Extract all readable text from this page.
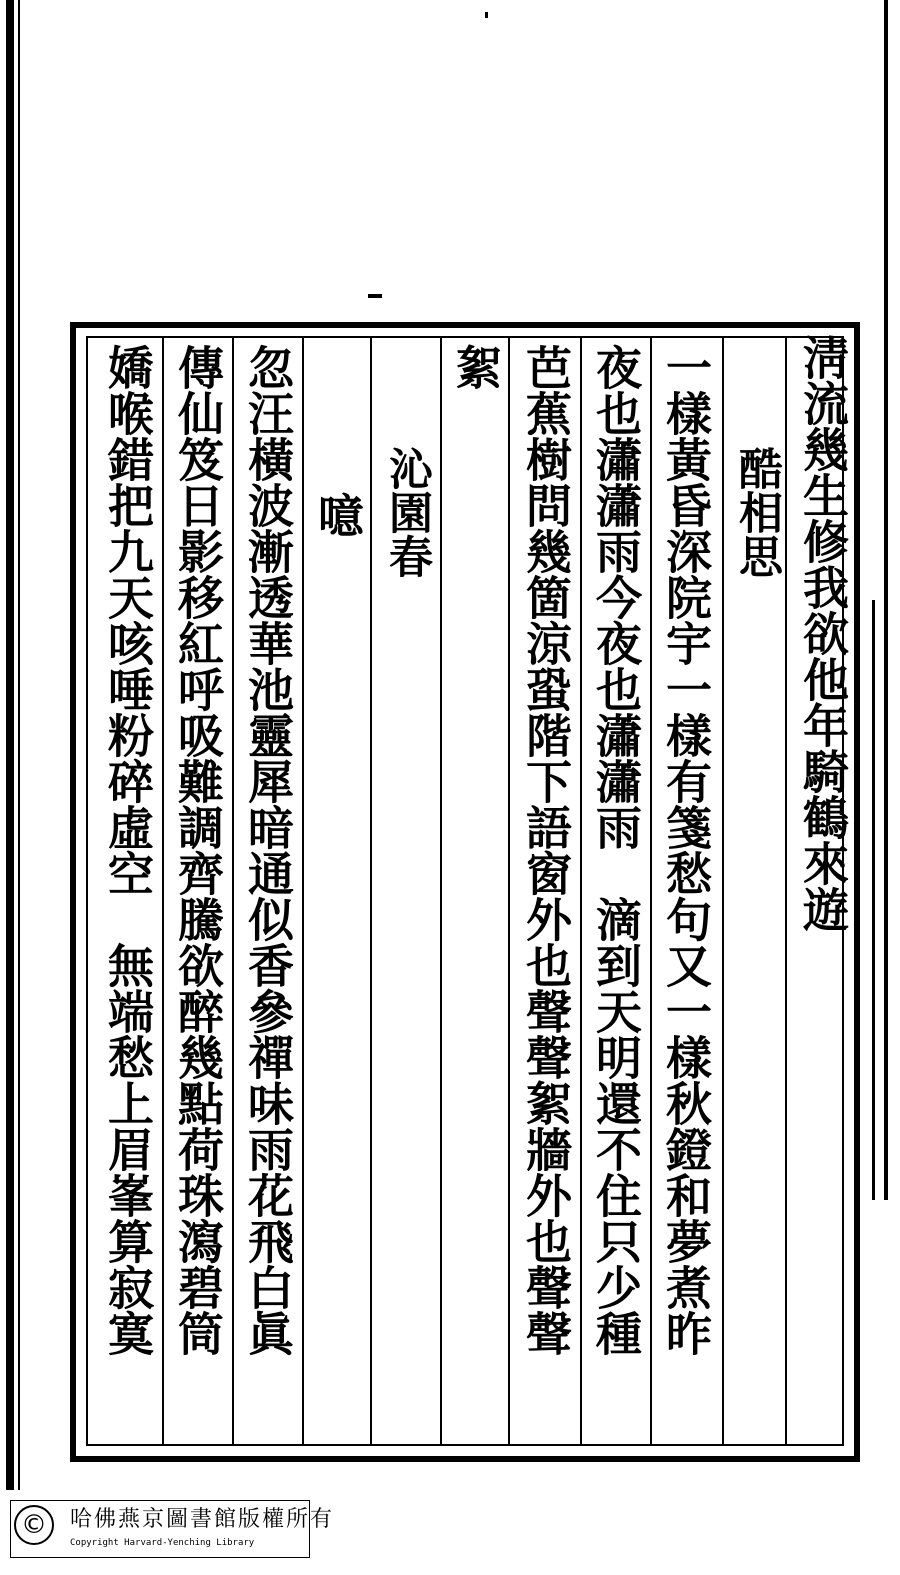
淸流幾生修我欲他年騎鶴來遊
酷相思
一樣黃昏深院宇一樣有箋愁句又一樣秋鐙和夢煮昨
夜也瀟瀟雨今夜也瀟瀟雨　滴到天明還不住只少種
芭蕉樹問幾箇涼蛩階下語窗外也聲聲絮牆外也聲聲
絮
沁園春
噫
忽汪橫波漸透華池靈犀暗通似香參禪味雨花飛白眞
傳仙笈日影移紅呼吸難調齊騰欲醉幾點荷珠瀉碧筒
嬌喉錯把九天咳唾粉碎虛空　無端愁上眉峯算寂寞
©	哈佛燕京圖書館版權所有
Copyright Harvard-Yenching Library
